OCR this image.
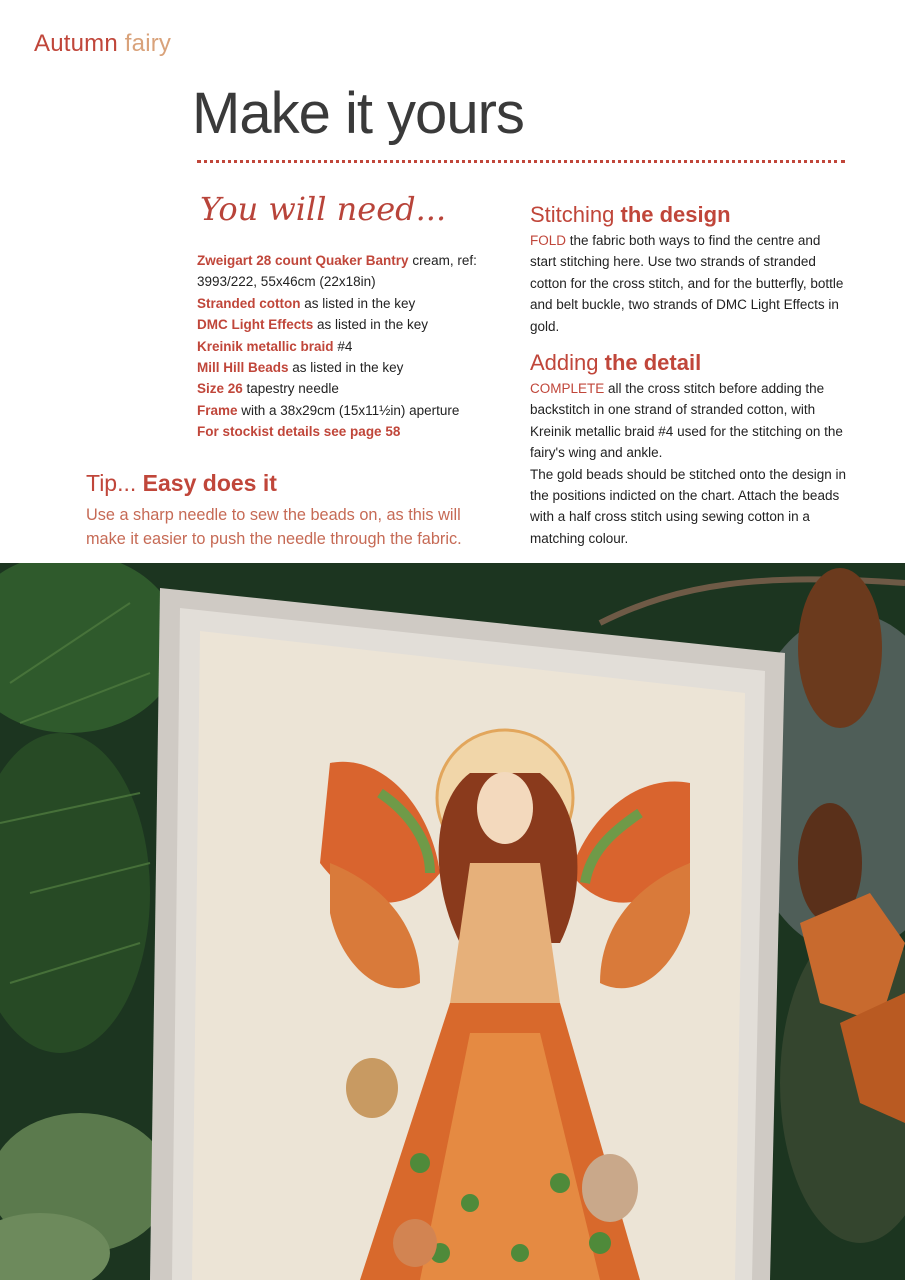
Autumn fairy
Make it yours
You will need...
Zweigart 28 count Quaker Bantry cream, ref: 3993/222, 55x46cm (22x18in)
Stranded cotton as listed in the key
DMC Light Effects as listed in the key
Kreinik metallic braid #4
Mill Hill Beads as listed in the key
Size 26 tapestry needle
Frame with a 38x29cm (15x11½in) aperture
For stockist details see page 58
Tip... Easy does it
Use a sharp needle to sew the beads on, as this will make it easier to push the needle through the fabric.
Stitching the design
FOLD the fabric both ways to find the centre and start stitching here. Use two strands of stranded cotton for the cross stitch, and for the butterfly, bottle and belt buckle, two strands of DMC Light Effects in gold.
Adding the detail
COMPLETE all the cross stitch before adding the backstitch in one strand of stranded cotton, with Kreinik metallic braid #4 used for the stitching on the fairy's wing and ankle.
The gold beads should be stitched onto the design in the positions indicted on the chart. Attach the beads with a half cross stitch using sewing cotton in a matching colour.
